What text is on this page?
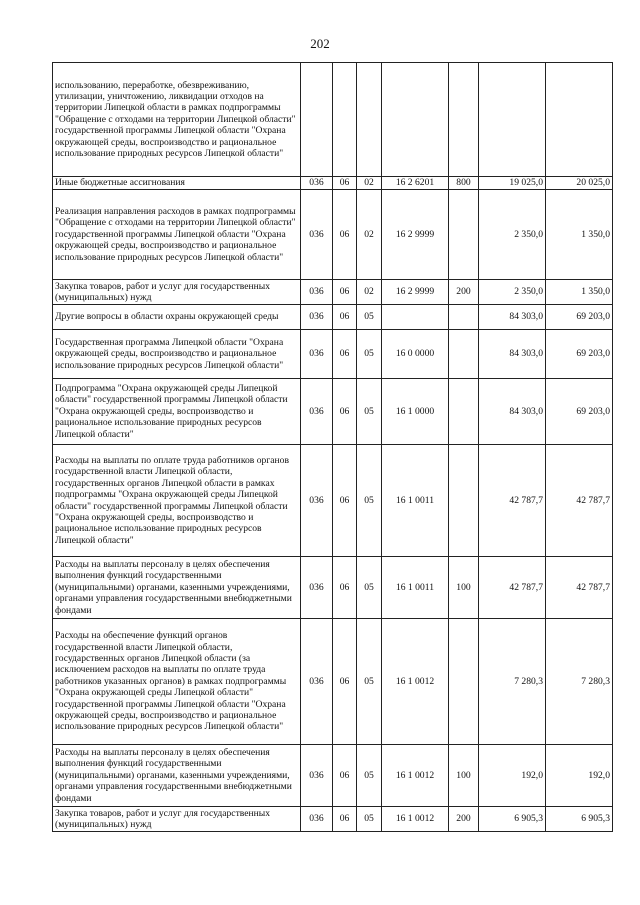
202
использованию, переработке, обезвреживанию, утилизации, уничтожению, ликвидации отходов на территории Липецкой области в рамках подпрограммы "Обращение с отходами на территории Липецкой области" государственной программы Липецкой области "Охрана окружающей среды, воспроизводство и рациональное использование природных ресурсов Липецкой области"							
Иные бюджетные ассигнования	036	06	02	16 2 6201	800	19 025,0	20 025,0
Реализация направления расходов в рамках подпрограммы "Обращение с отходами на территории Липецкой области" государственной программы Липецкой области "Охрана окружающей среды, воспроизводство и рациональное использование природных ресурсов Липецкой области"	036	06	02	16 2 9999		2 350,0	1 350,0
Закупка товаров, работ и услуг для государственных (муниципальных) нужд	036	06	02	16 2 9999	200	2 350,0	1 350,0
Другие вопросы в области охраны окружающей среды	036	06	05			84 303,0	69 203,0
Государственная программа Липецкой области "Охрана окружающей среды, воспроизводство и рациональное использование природных ресурсов Липецкой области"	036	06	05	16 0 0000		84 303,0	69 203,0
Подпрограмма "Охрана окружающей среды Липецкой области" государственной программы Липецкой области "Охрана окружающей среды, воспроизводство и рациональное использование природных ресурсов Липецкой области"	036	06	05	16 1 0000		84 303,0	69 203,0
Расходы на выплаты по оплате труда работников органов государственной власти Липецкой области, государственных органов Липецкой области в рамках подпрограммы "Охрана окружающей среды Липецкой области" государственной программы Липецкой области "Охрана окружающей среды, воспроизводство и рациональное использование природных ресурсов Липецкой области"	036	06	05	16 1 0011		42 787,7	42 787,7
Расходы на выплаты персоналу в целях обеспечения выполнения функций государственными (муниципальными) органами, казенными учреждениями, органами управления государственными внебюджетными фондами	036	06	05	16 1 0011	100	42 787,7	42 787,7
Расходы на обеспечение функций органов государственной власти Липецкой области, государственных органов Липецкой области (за исключением расходов на выплаты по оплате труда работников указанных органов) в рамках подпрограммы "Охрана окружающей среды Липецкой области" государственной программы Липецкой области "Охрана окружающей среды, воспроизводство и рациональное использование природных ресурсов Липецкой области"	036	06	05	16 1 0012		7 280,3	7 280,3
Расходы на выплаты персоналу в целях обеспечения выполнения функций государственными (муниципальными) органами, казенными учреждениями, органами управления государственными внебюджетными фондами	036	06	05	16 1 0012	100	192,0	192,0
Закупка товаров, работ и услуг для государственных (муниципальных) нужд	036	06	05	16 1 0012	200	6 905,3	6 905,3
